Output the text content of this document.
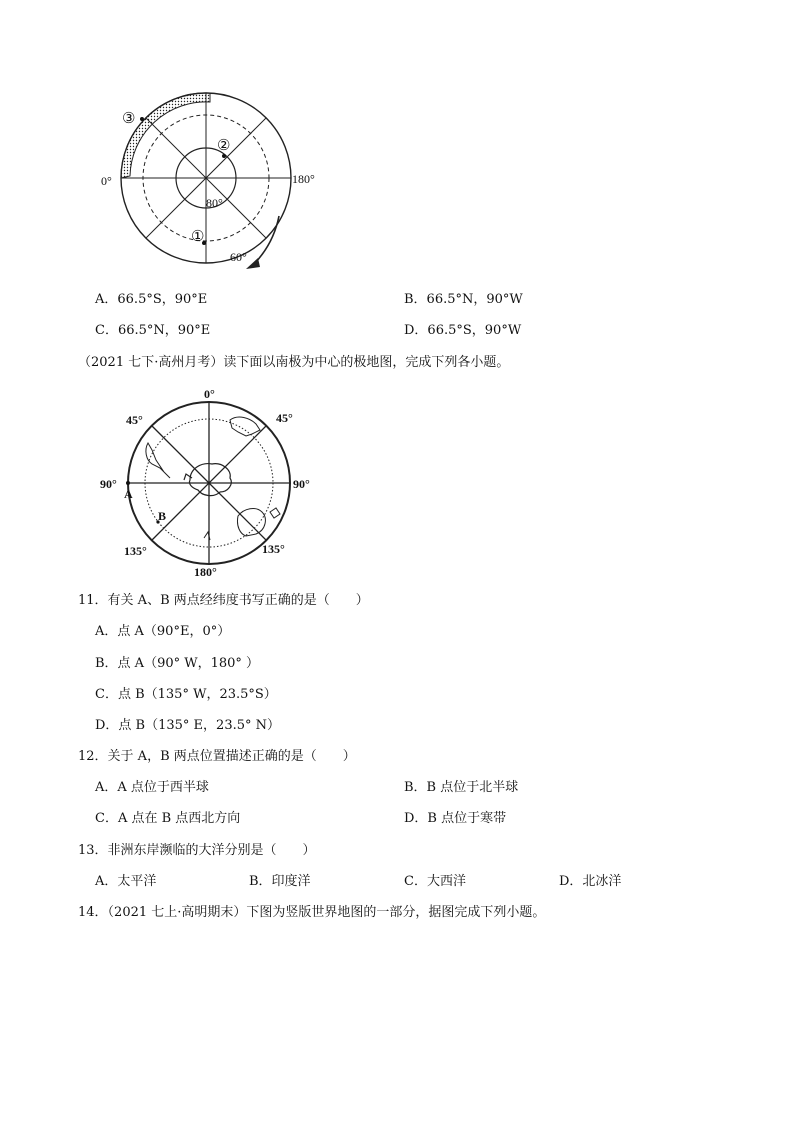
0°	180°
80°
60°
③
②
①
A．66.5°S，90°E	B．66.5°N，90°W
C．66.5°N，90°E	D．66.5°S，90°W
（2021 七下·高州月考）读下面以南极为中心的极地图，完成下列各小题。
0°
45°	45°
90°	90°
135°	135°
180°
A
B
11．有关 A、B 两点经纬度书写正确的是（　　）
A．点 A（90°E，0°）
B．点 A（90° W，180° ）
C．点 B（135° W，23.5°S）
D．点 B（135° E，23.5° N）
12．关于 A，B 两点位置描述正确的是（　　）
A．A 点位于西半球	B．B 点位于北半球
C．A 点在 B 点西北方向	D．B 点位于寒带
13．非洲东岸濒临的大洋分别是（　　）
A．太平洋	B．印度洋	C．大西洋	D．北冰洋
14．（2021 七上·高明期末）下图为竖版世界地图的一部分，据图完成下列小题。
